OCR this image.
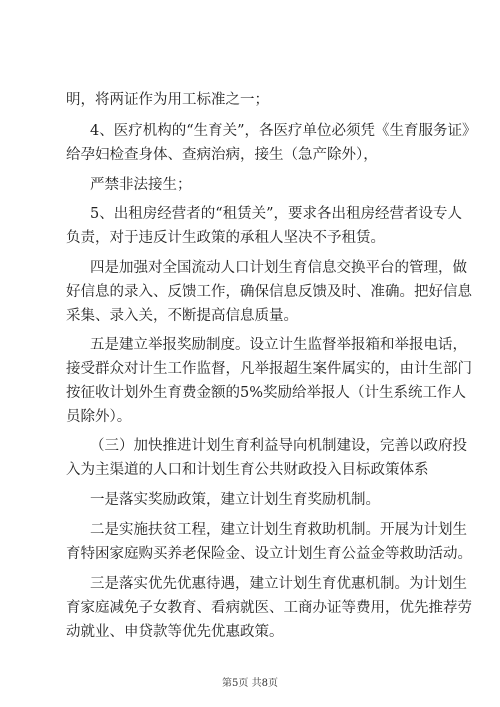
明，将两证作为用工标准之一；
4、医疗机构的“生育关”，各医疗单位必须凭《生育服务证》
给孕妇检查身体、查病治病，接生（急产除外），
严禁非法接生；
5、出租房经营者的“租赁关”，要求各出租房经营者设专人
负责，对于违反计生政策的承租人坚决不予租赁。
四是加强对全国流动人口计划生育信息交换平台的管理，做
好信息的录入、反馈工作，确保信息反馈及时、准确。把好信息
采集、录入关，不断提高信息质量。
五是建立举报奖励制度。设立计生监督举报箱和举报电话，
接受群众对计生工作监督，凡举报超生案件属实的，由计生部门
按征收计划外生育费金额的5%奖励给举报人（计生系统工作人
员除外）。
（三）加快推进计划生育利益导向机制建设，完善以政府投
入为主渠道的人口和计划生育公共财政投入目标政策体系
一是落实奖励政策，建立计划生育奖励机制。
二是实施扶贫工程，建立计划生育救助机制。开展为计划生
育特困家庭购买养老保险金、设立计划生育公益金等救助活动。
三是落实优先优惠待遇，建立计划生育优惠机制。为计划生
育家庭减免子女教育、看病就医、工商办证等费用，优先推荐劳
动就业、申贷款等优先优惠政策。
第5页 共8页
